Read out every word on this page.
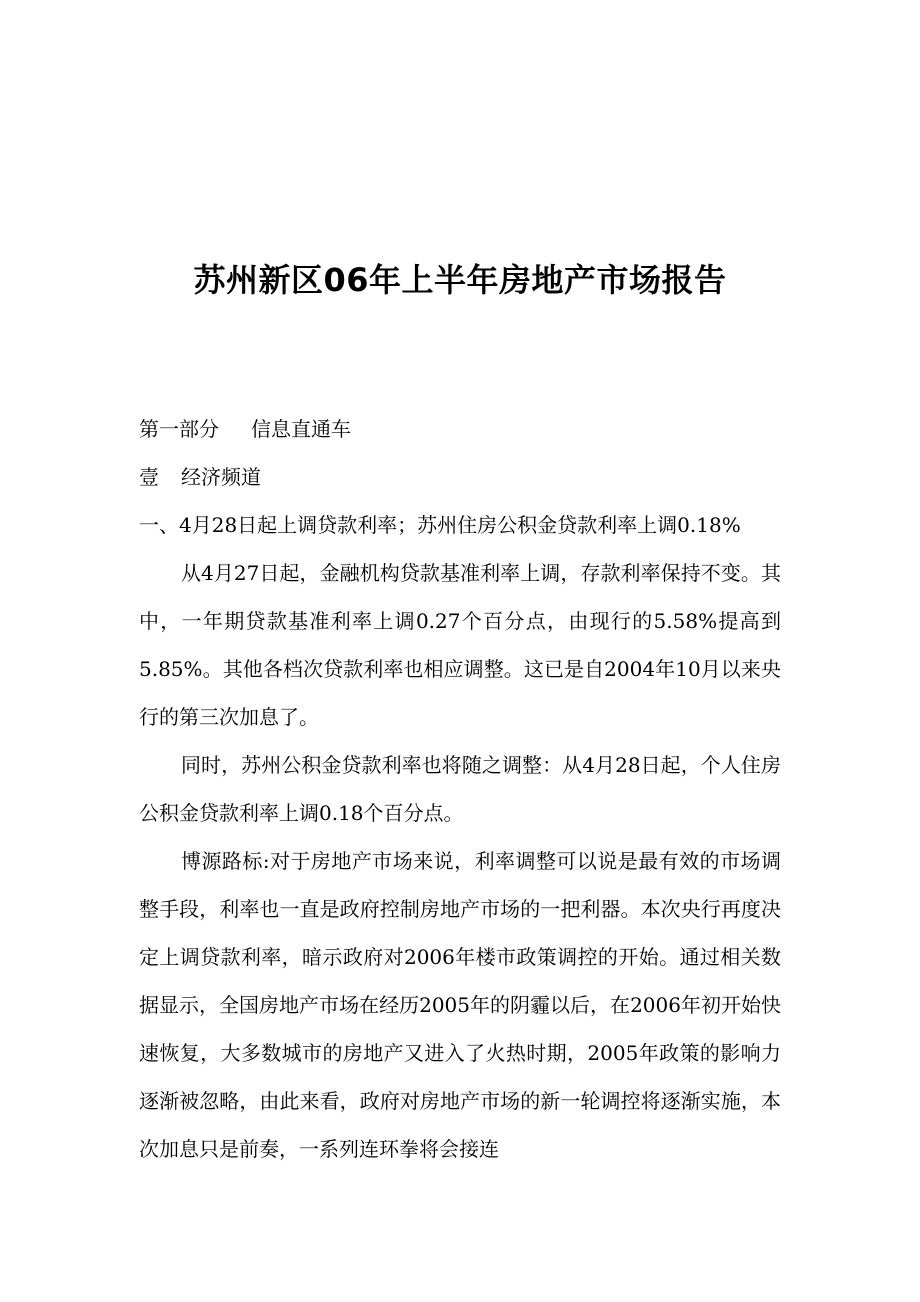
苏州新区06年上半年房地产市场报告
第一部分 信息直通车
壹 经济频道
一、4月28日起上调贷款利率；苏州住房公积金贷款利率上调0.18%

从4月27日起，金融机构贷款基准利率上调，存款利率保持不变。其中，一年期贷款基准利率上调0.27个百分点，由现行的5.58%提高到5.85%。其他各档次贷款利率也相应调整。这已是自2004年10月以来央行的第三次加息了。

同时，苏州公积金贷款利率也将随之调整：从4月28日起，个人住房公积金贷款利率上调0.18个百分点。

博源路标:对于房地产市场来说，利率调整可以说是最有效的市场调整手段，利率也一直是政府控制房地产市场的一把利器。本次央行再度决定上调贷款利率，暗示政府对2006年楼市政策调控的开始。通过相关数据显示，全国房地产市场在经历2005年的阴霾以后，在2006年初开始快速恢复，大多数城市的房地产又进入了火热时期，2005年政策的影响力逐渐被忽略，由此来看，政府对房地产市场的新一轮调控将逐渐实施，本次加息只是前奏，一系列连环拳将会接连
